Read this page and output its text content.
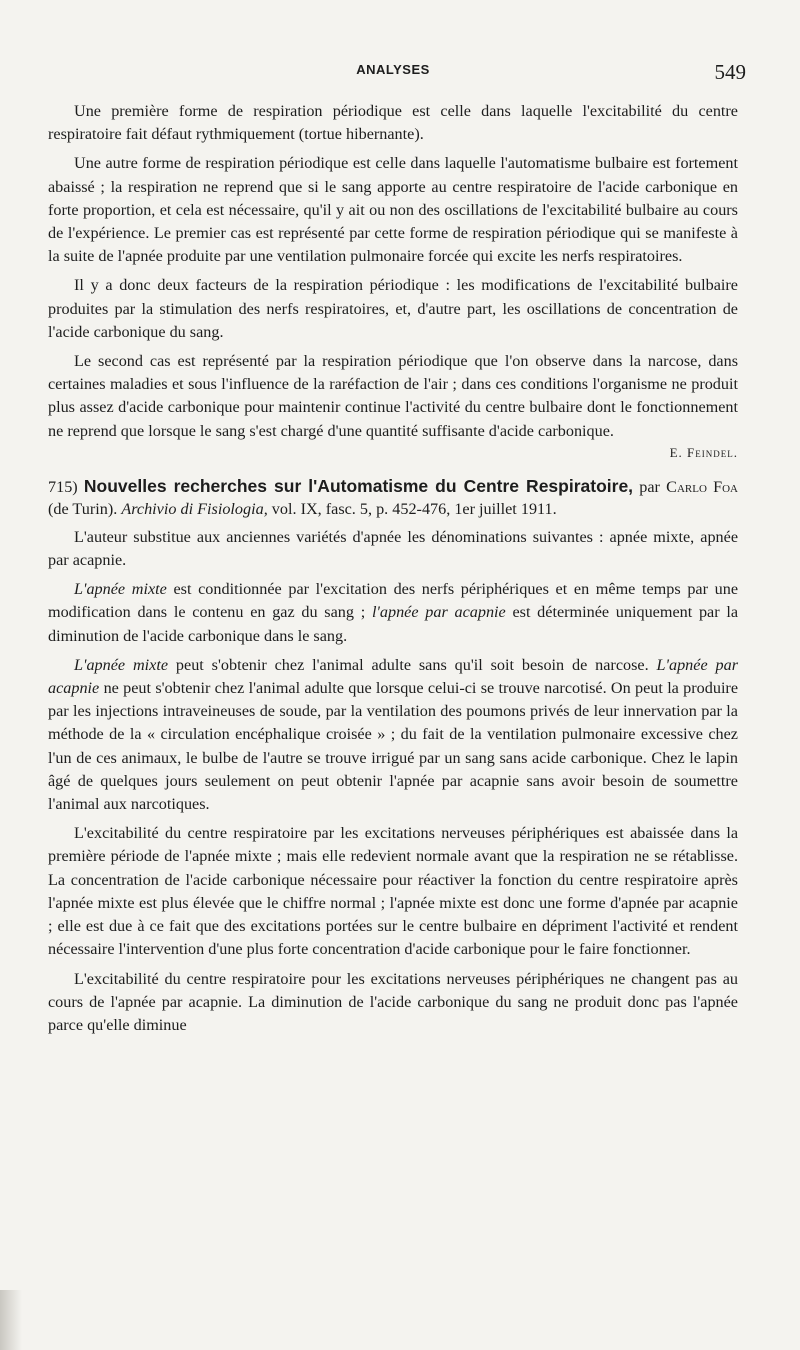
ANALYSES	549

Une première forme de respiration périodique est celle dans laquelle l'excitabilité du centre respiratoire fait défaut rythmiquement (tortue hibernante).

Une autre forme de respiration périodique est celle dans laquelle l'automatisme bulbaire est fortement abaissé ; la respiration ne reprend que si le sang apporte au centre respiratoire de l'acide carbonique en forte proportion, et cela est nécessaire, qu'il y ait ou non des oscillations de l'excitabilité bulbaire au cours de l'expérience. Le premier cas est représenté par cette forme de respiration périodique qui se manifeste à la suite de l'apnée produite par une ventilation pulmonaire forcée qui excite les nerfs respiratoires.

Il y a donc deux facteurs de la respiration périodique : les modifications de l'excitabilité bulbaire produites par la stimulation des nerfs respiratoires, et, d'autre part, les oscillations de concentration de l'acide carbonique du sang.

Le second cas est représenté par la respiration périodique que l'on observe dans la narcose, dans certaines maladies et sous l'influence de la raréfaction de l'air ; dans ces conditions l'organisme ne produit plus assez d'acide carbonique pour maintenir continue l'activité du centre bulbaire dont le fonctionnement ne reprend que lorsque le sang s'est chargé d'une quantité suffisante d'acide carbonique.

E. Feindel.
715) Nouvelles recherches sur l'Automatisme du Centre Respiratoire, par Carlo Foa (de Turin). Archivio di Fisiologia, vol. IX, fasc. 5, p. 452-476, 1er juillet 1911.

L'auteur substitue aux anciennes variétés d'apnée les dénominations suivantes : apnée mixte, apnée par acapnie.

L'apnée mixte est conditionnée par l'excitation des nerfs périphériques et en même temps par une modification dans le contenu en gaz du sang ; l'apnée par acapnie est déterminée uniquement par la diminution de l'acide carbonique dans le sang.

L'apnée mixte peut s'obtenir chez l'animal adulte sans qu'il soit besoin de narcose. L'apnée par acapnie ne peut s'obtenir chez l'animal adulte que lorsque celui-ci se trouve narcotisé. On peut la produire par les injections intraveineuses de soude, par la ventilation des poumons privés de leur innervation par la méthode de la « circulation encéphalique croisée » ; du fait de la ventilation pulmonaire excessive chez l'un de ces animaux, le bulbe de l'autre se trouve irrigué par un sang sans acide carbonique. Chez le lapin âgé de quelques jours seulement on peut obtenir l'apnée par acapnie sans avoir besoin de soumettre l'animal aux narcotiques.

L'excitabilité du centre respiratoire par les excitations nerveuses périphériques est abaissée dans la première période de l'apnée mixte ; mais elle redevient normale avant que la respiration ne se rétablisse. La concentration de l'acide carbonique nécessaire pour réactiver la fonction du centre respiratoire après l'apnée mixte est plus élevée que le chiffre normal ; l'apnée mixte est donc une forme d'apnée par acapnie ; elle est due à ce fait que des excitations portées sur le centre bulbaire en dépriment l'activité et rendent nécessaire l'intervention d'une plus forte concentration d'acide carbonique pour le faire fonctionner.

L'excitabilité du centre respiratoire pour les excitations nerveuses périphériques ne changent pas au cours de l'apnée par acapnie. La diminution de l'acide carbonique du sang ne produit donc pas l'apnée parce qu'elle diminue
